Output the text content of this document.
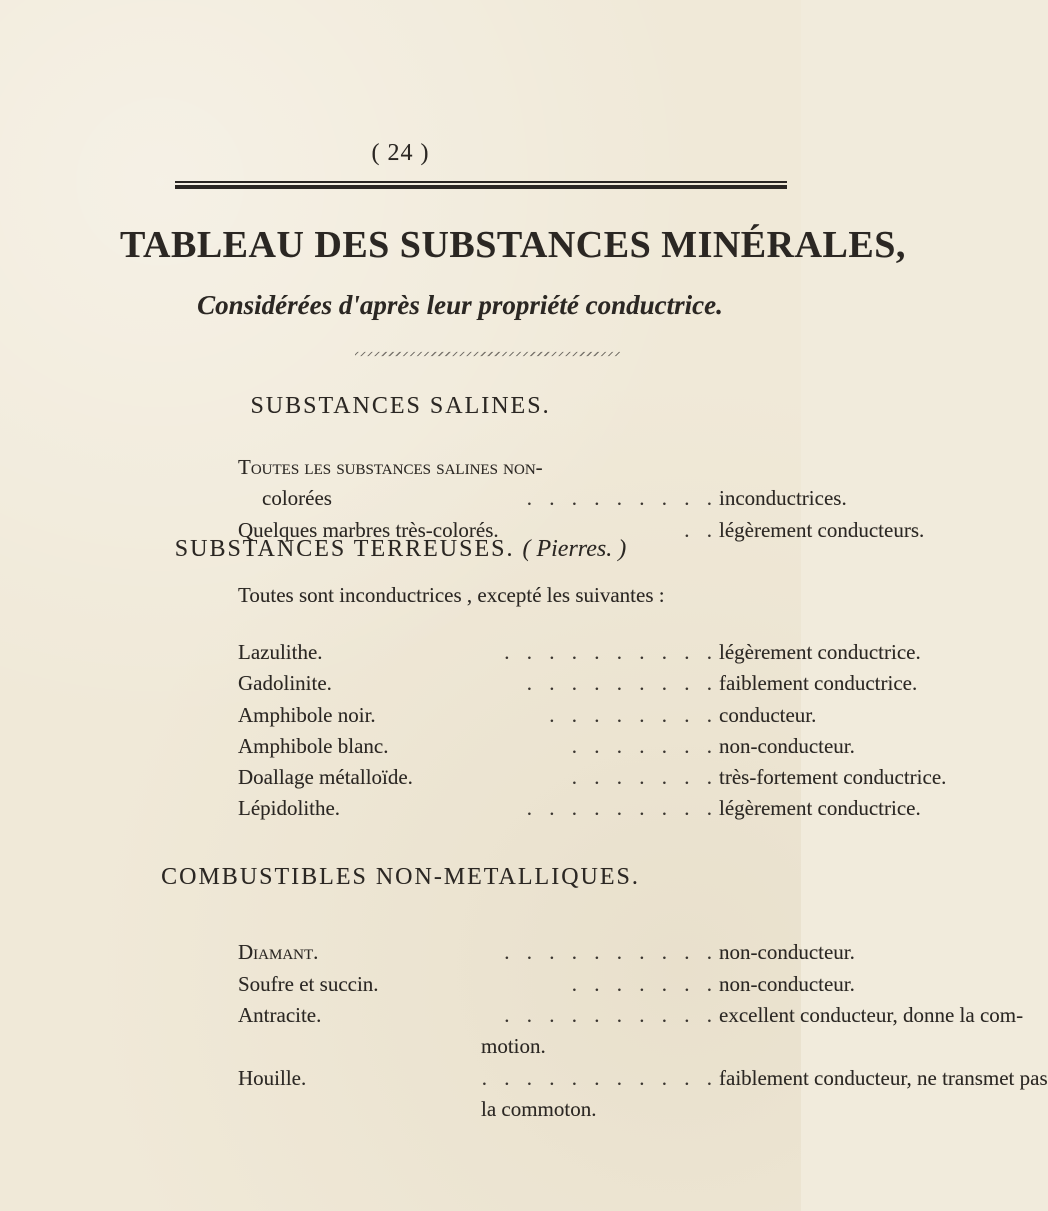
( 24 )
TABLEAU DES SUBSTANCES MINÉRALES,
Considérées d'après leur propriété conductrice.
SUBSTANCES SALINES.
Toutes les substances salines non-
colorées	. . . . . . . . . inconductrices.
Quelques marbres très-colorés.	. . légèrement conducteurs.
SUBSTANCES TERREUSES. ( Pierres. )
Toutes sont inconductrices , excepté les suivantes :
Lazulithe.	. . . . . . . . . . légèrement conductrice.
Gadolinite.	. . . . . . . . . faiblement conductrice.
Amphibole noir.	. . . . . . . . conducteur.
Amphibole blanc.	. . . . . . . non-conducteur.
Doallage métalloïde.	. . . . . . . très-fortement conductrice.
Lépidolithe.	. . . . . . . . . légèrement conductrice.
COMBUSTIBLES NON-METALLIQUES.
Diamant.	. . . . . . . . . . non-conducteur.
Soufre et succin.	. . . . . . . non-conducteur.
Antracite.	. . . . . . . . . . excellent conducteur, donne la com-
motion.
Houille.	. . . . . . . . . . . faiblement conducteur, ne transmet pas
la commoton.
